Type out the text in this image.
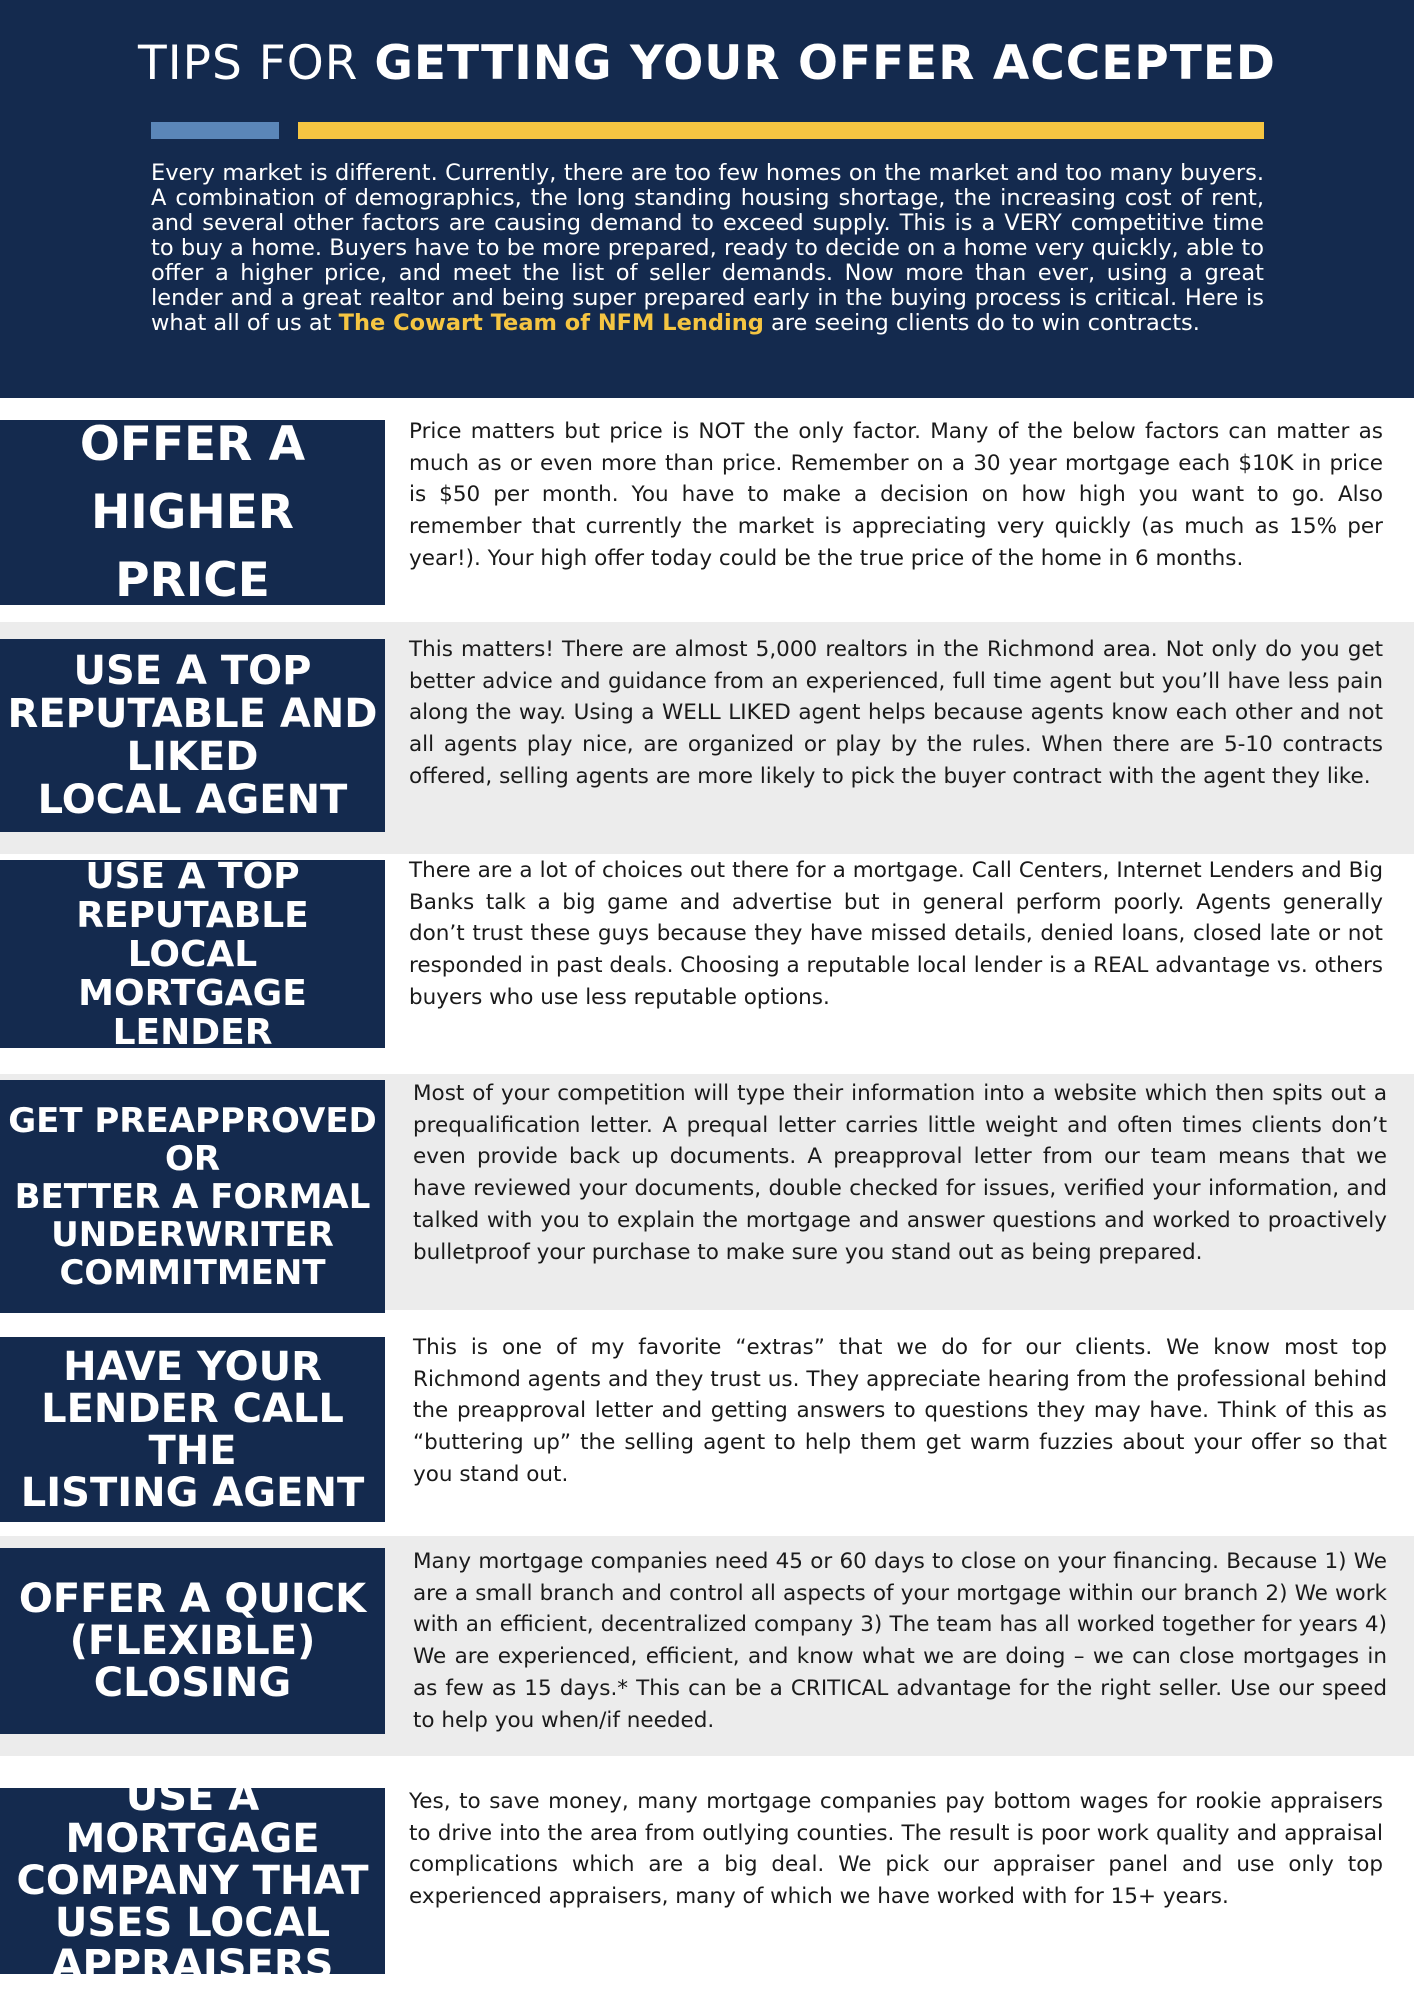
TIPS FOR GETTING YOUR OFFER ACCEPTED
Every market is different. Currently, there are too few homes on the market and too many buyers. A combination of demographics, the long standing housing shortage, the increasing cost of rent, and several other factors are causing demand to exceed supply. This is a VERY competitive time to buy a home. Buyers have to be more prepared, ready to decide on a home very quickly, able to offer a higher price, and meet the list of seller demands. Now more than ever, using a great lender and a great realtor and being super prepared early in the buying process is critical. Here is what all of us at The Cowart Team of NFM Lending are seeing clients do to win contracts.
OFFER A
HIGHER PRICE
Price matters but price is NOT the only factor. Many of the below factors can matter as much as or even more than price. Remember on a 30 year mortgage each $10K in price is $50 per month. You have to make a decision on how high you want to go. Also remember that currently the market is appreciating very quickly (as much as 15% per year!). Your high offer today could be the true price of the home in 6 months.
USE A TOP
REPUTABLE AND
LIKED
LOCAL AGENT
This matters! There are almost 5,000 realtors in the Richmond area. Not only do you get better advice and guidance from an experienced, full time agent but you’ll have less pain along the way. Using a WELL LIKED agent helps because agents know each other and not all agents play nice, are organized or play by the rules. When there are 5-10 contracts offered, selling agents are more likely to pick the buyer contract with the agent they like.
USE A TOP
REPUTABLE LOCAL
MORTGAGE
LENDER
There are a lot of choices out there for a mortgage. Call Centers, Internet Lenders and Big Banks talk a big game and advertise but in general perform poorly. Agents generally don’t trust these guys because they have missed details, denied loans, closed late or not responded in past deals. Choosing a reputable local lender is a REAL advantage vs. others buyers who use less reputable options.
GET PREAPPROVED
OR
BETTER A FORMAL
UNDERWRITER
COMMITMENT
Most of your competition will type their information into a website which then spits out a prequalification letter. A prequal letter carries little weight and often times clients don’t even provide back up documents. A preapproval letter from our team means that we have reviewed your documents, double checked for issues, verified your information, and talked with you to explain the mortgage and answer questions and worked to proactively bulletproof your purchase to make sure you stand out as being prepared.
HAVE YOUR
LENDER CALL THE
LISTING AGENT
This is one of my favorite “extras” that we do for our clients. We know most top Richmond agents and they trust us. They appreciate hearing from the professional behind the preapproval letter and getting answers to questions they may have. Think of this as “buttering up” the selling agent to help them get warm fuzzies about your offer so that you stand out.
OFFER A QUICK
(FLEXIBLE)
CLOSING
Many mortgage companies need 45 or 60 days to close on your financing. Because 1) We are a small branch and control all aspects of your mortgage within our branch 2) We work with an efficient, decentralized company 3) The team has all worked together for years 4) We are experienced, efficient, and know what we are doing – we can close mortgages in as few as 15 days.* This can be a CRITICAL advantage for the right seller. Use our speed to help you when/if needed.
USE A MORTGAGE
COMPANY THAT
USES LOCAL
APPRAISERS
Yes, to save money, many mortgage companies pay bottom wages for rookie appraisers to drive into the area from outlying counties. The result is poor work quality and appraisal complications which are a big deal. We pick our appraiser panel and use only top experienced appraisers, many of which we have worked with for 15+ years.
